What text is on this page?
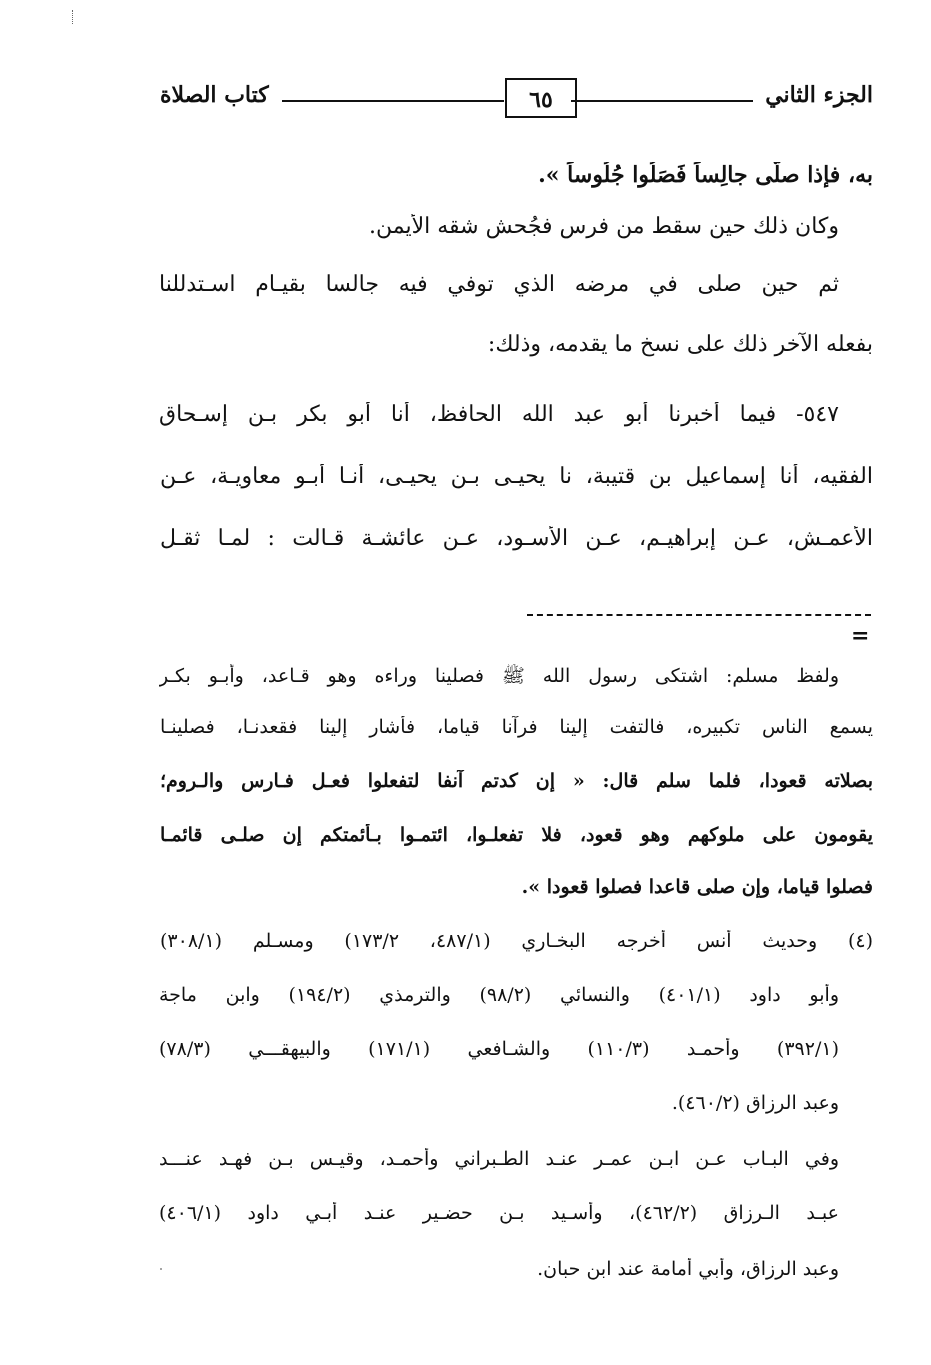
الجزء الثاني
٦٥
كتاب الصلاة
به، فإذا صلَّى جالِساً فَصَلُوا جُلُوساً ».
وكان ذلك حين سقط من فرس فجُحش شقه الأيمن.
ثم حين صلى في مرضه الذي توفي فيه جالسا بقيـام اسـتدللنا
بفعله الآخر ذلك على نسخ ما يقدمه، وذلك:
٥٤٧- فيما أخبرنا أبو عبد الله الحافظ، أنا أبو بكر بـن إسـحاق
الفقيه، أنا إسماعيل بن قتيبة، نا يحيـى بـن يحيـى، أنـا أبـو معاويـة، عـن
الأعمـش، عـن إبراهيـم، عـن الأسـود، عـن عائشـة قـالت : لمـا ثقـل
=
ولفظ مسلم: اشتكى رسول الله ﷺ فصلينا وراءه وهو قـاعد، وأبـو بكـر
يسمع الناس تكبيره، فالتفت إلينا فرآنا قياما، فأشار إلينا فقعدنـا، فصلينـا
بصلاته قعودا، فلما سلم قال: « إن كدتم آنفا لتفعلوا فعـل فـارس والـروم؛
يقومون على ملوكهم وهو قعود، فلا تفعلـوا، ائتمـوا بـأئمتكم إن صلـى قائمـا
فصلوا قياما، وإن صلى قاعدا فصلوا قعودا ».
(٤) وحديث أنس أخرجه البخـاري (٤٨٧/١، ١٧٣/٢) ومسـلم (٣٠٨/١)
وأبو داود (٤٠١/١) والنسائي (٩٨/٢) والترمذي (١٩٤/٢) وابن ماجة
(٣٩٢/١) وأحمـد (١١٠/٣) والشـافعي (١٧١/١) والبيهقـــي (٧٨/٣)
وعبد الرزاق (٤٦٠/٢).
وفي البـاب عـن ابـن عمـر عنـد الطـبراني وأحمـد، وقيـس بـن فهـد عنـــد
عبـد الـرزاق (٤٦٢/٢)، وأسـيد بـن حضـير عنـد أبـي داود (٤٠٦/١)
وعبد الرزاق، وأبي أمامة عند ابن حبان.
